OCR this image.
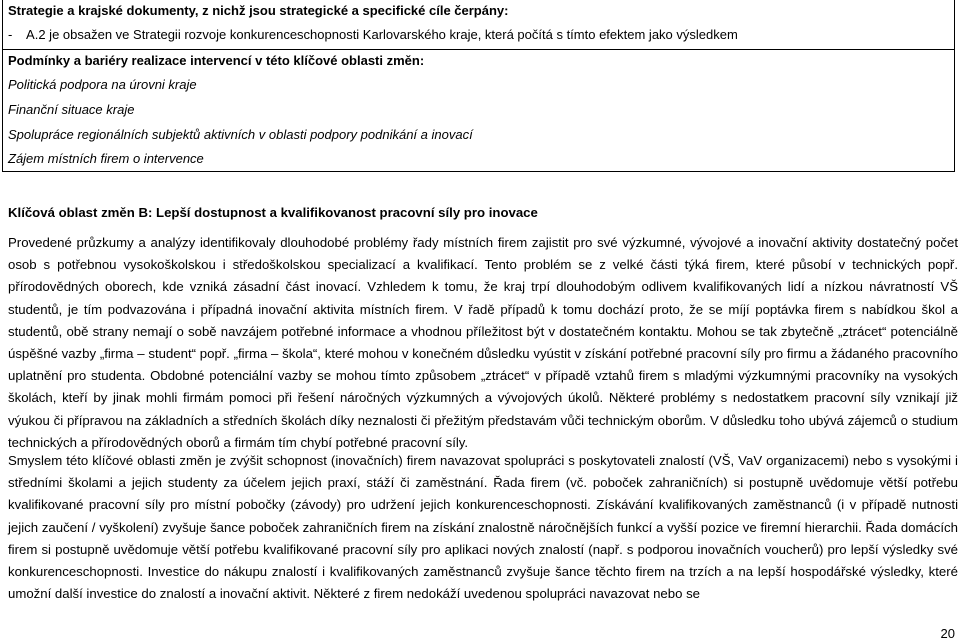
Strategie a krajské dokumenty, z nichž jsou strategické a specifické cíle čerpány:
-    A.2 je obsažen ve Strategii rozvoje konkurenceschopnosti Karlovarského kraje, která počítá s tímto efektem jako výsledkem
Podmínky a bariéry realizace intervencí v této klíčové oblasti změn:
Politická podpora na úrovni kraje
Finanční situace kraje
Spolupráce regionálních subjektů aktivních v oblasti podpory podnikání a inovací
Zájem místních firem o intervence
Klíčová oblast změn B: Lepší dostupnost a kvalifikovanost pracovní síly pro inovace
Provedené průzkumy a analýzy identifikovaly dlouhodobé problémy řady místních firem zajistit pro své výzkumné, vývojové a inovační aktivity dostatečný počet osob s potřebnou vysokoškolskou i středoškolskou specializací a kvalifikací. Tento problém se z velké části týká firem, které působí v technických popř. přírodovědných oborech, kde vzniká zásadní část inovací. Vzhledem k tomu, že kraj trpí dlouhodobým odlivem kvalifikovaných lidí a nízkou návratností VŠ studentů, je tím podvazována i případná inovační aktivita místních firem. V řadě případů k tomu dochází proto, že se míjí poptávka firem s nabídkou škol a studentů, obě strany nemají o sobě navzájem potřebné informace a vhodnou příležitost být v dostatečném kontaktu. Mohou se tak zbytečně „ztrácet“ potenciálně úspěšné vazby „firma – student“ popř. „firma – škola“, které mohou v konečném důsledku vyústit v získání potřebné pracovní síly pro firmu a žádaného pracovního uplatnění pro studenta. Obdobné potenciální vazby se mohou tímto způsobem „ztrácet“ v případě vztahů firem s mladými výzkumnými pracovníky na vysokých školách, kteří by jinak mohli firmám pomoci při řešení náročných výzkumných a vývojových úkolů. Některé problémy s nedostatkem pracovní síly vznikají již výukou či přípravou na základních a středních školách díky neznalosti či přežitým představám vůči technickým oborům. V důsledku toho ubývá zájemců o studium technických a přírodovědných oborů a firmám tím chybí potřebné pracovní síly.
Smyslem této klíčové oblasti změn je zvýšit schopnost (inovačních) firem navazovat spolupráci s poskytovateli znalostí (VŠ, VaV organizacemi) nebo s vysokými i středními školami a jejich studenty za účelem jejich praxí, stáží či zaměstnání. Řada firem (vč. poboček zahraničních) si postupně uvědomuje větší potřebu kvalifikované pracovní síly pro místní pobočky (závody) pro udržení jejich konkurenceschopnosti. Získávání kvalifikovaných zaměstnanců (i v případě nutnosti jejich zaučení / vyškolení) zvyšuje šance poboček zahraničních firem na získání znalostně náročnějších funkcí a vyšší pozice ve firemní hierarchii. Řada domácích firem si postupně uvědomuje větší potřebu kvalifikované pracovní síly pro aplikaci nových znalostí (např. s podporou inovačních voucherů) pro lepší výsledky své konkurenceschopnosti. Investice do nákupu znalostí i kvalifikovaných zaměstnanců zvyšuje šance těchto firem na trzích a na lepší hospodářské výsledky, které umožní další investice do znalostí a inovační aktivit. Některé z firem nedokáží uvedenou spolupráci navazovat nebo se
20
